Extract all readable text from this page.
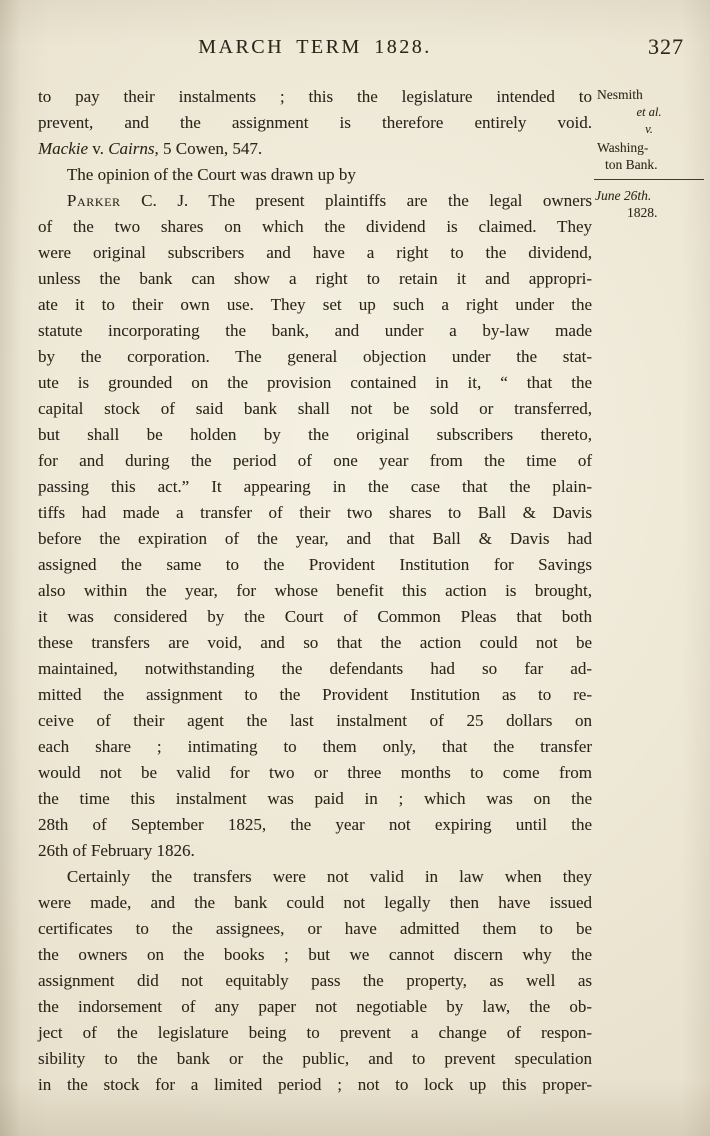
MARCH TERM 1828.	327
to pay their instalments ; this the legislature intended to
prevent, and the assignment is therefore entirely void.
Mackie v. Cairns, 5 Cowen, 547.
The opinion of the Court was drawn up by
Parker C. J. The present plaintiffs are the legal owners
of the two shares on which the dividend is claimed. They
were original subscribers and have a right to the dividend,
unless the bank can show a right to retain it and appropri-
ate it to their own use. They set up such a right under the
statute incorporating the bank, and under a by-law made
by the corporation. The general objection under the stat-
ute is grounded on the provision contained in it, “ that the
capital stock of said bank shall not be sold or transferred,
but shall be holden by the original subscribers thereto,
for and during the period of one year from the time of
passing this act.” It appearing in the case that the plain-
tiffs had made a transfer of their two shares to Ball & Davis
before the expiration of the year, and that Ball & Davis had
assigned the same to the Provident Institution for Savings
also within the year, for whose benefit this action is brought,
it was considered by the Court of Common Pleas that both
these transfers are void, and so that the action could not be
maintained, notwithstanding the defendants had so far ad-
mitted the assignment to the Provident Institution as to re-
ceive of their agent the last instalment of 25 dollars on
each share ; intimating to them only, that the transfer
would not be valid for two or three months to come from
the time this instalment was paid in ; which was on the
28th of September 1825, the year not expiring until the
26th of February 1826.
Certainly the transfers were not valid in law when they
were made, and the bank could not legally then have issued
certificates to the assignees, or have admitted them to be
the owners on the books ; but we cannot discern why the
assignment did not equitably pass the property, as well as
the indorsement of any paper not negotiable by law, the ob-
ject of the legislature being to prevent a change of respon-
sibility to the bank or the public, and to prevent speculation
in the stock for a limited period ; not to lock up this proper-
Nesmith
et al.
v.
Washing-
ton Bank.
June 26th.
1828.
